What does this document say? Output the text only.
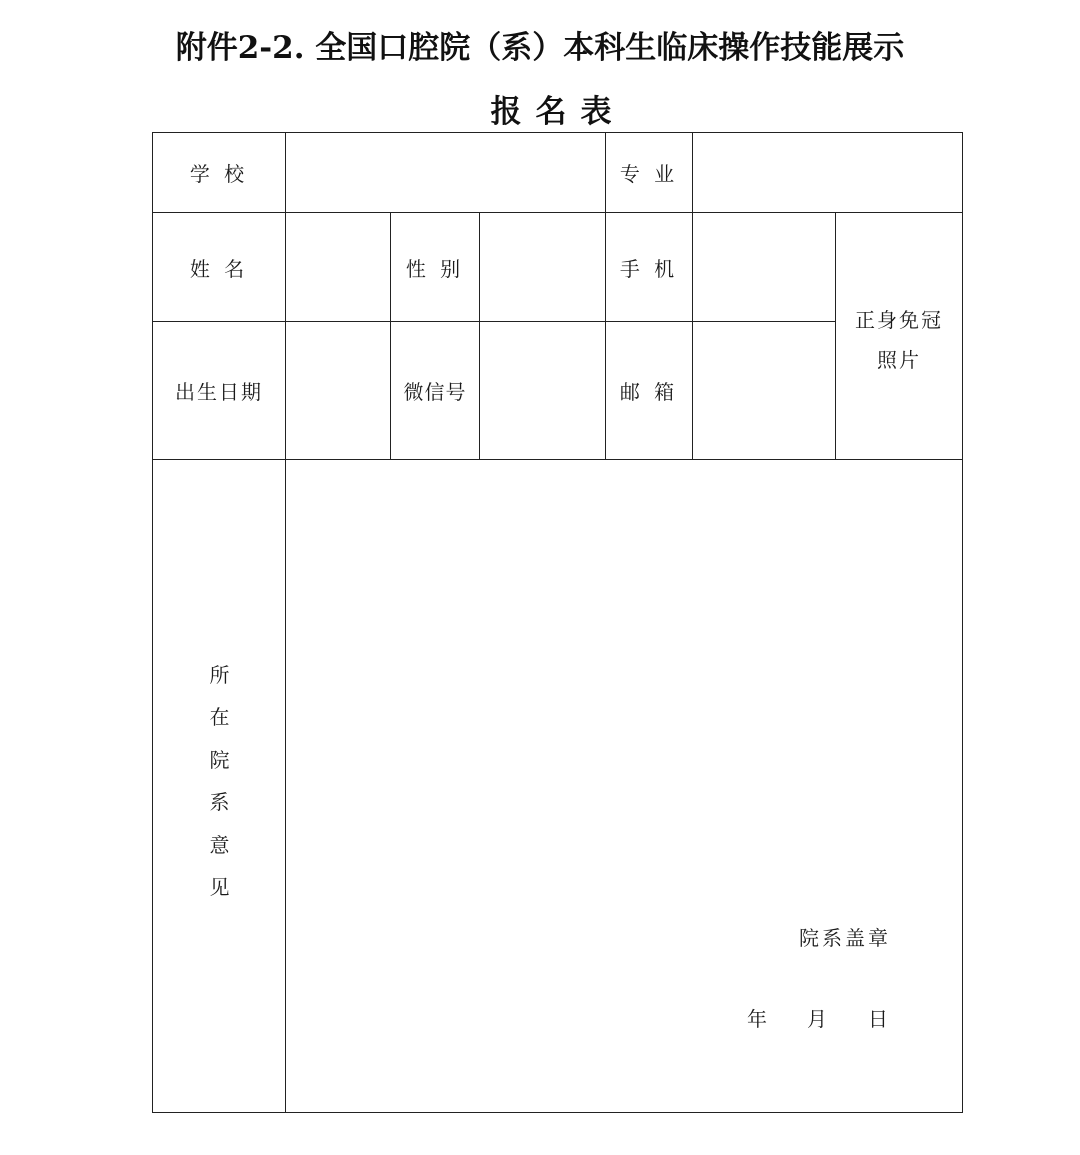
附件2-2. 全国口腔院（系）本科生临床操作技能展示
报名表
学 校	专 业
姓 名	性 别	手 机
出生日期	微信号	邮 箱
正身免冠
照片
所
在
院
系
意
见
院系盖章
年 月 日
